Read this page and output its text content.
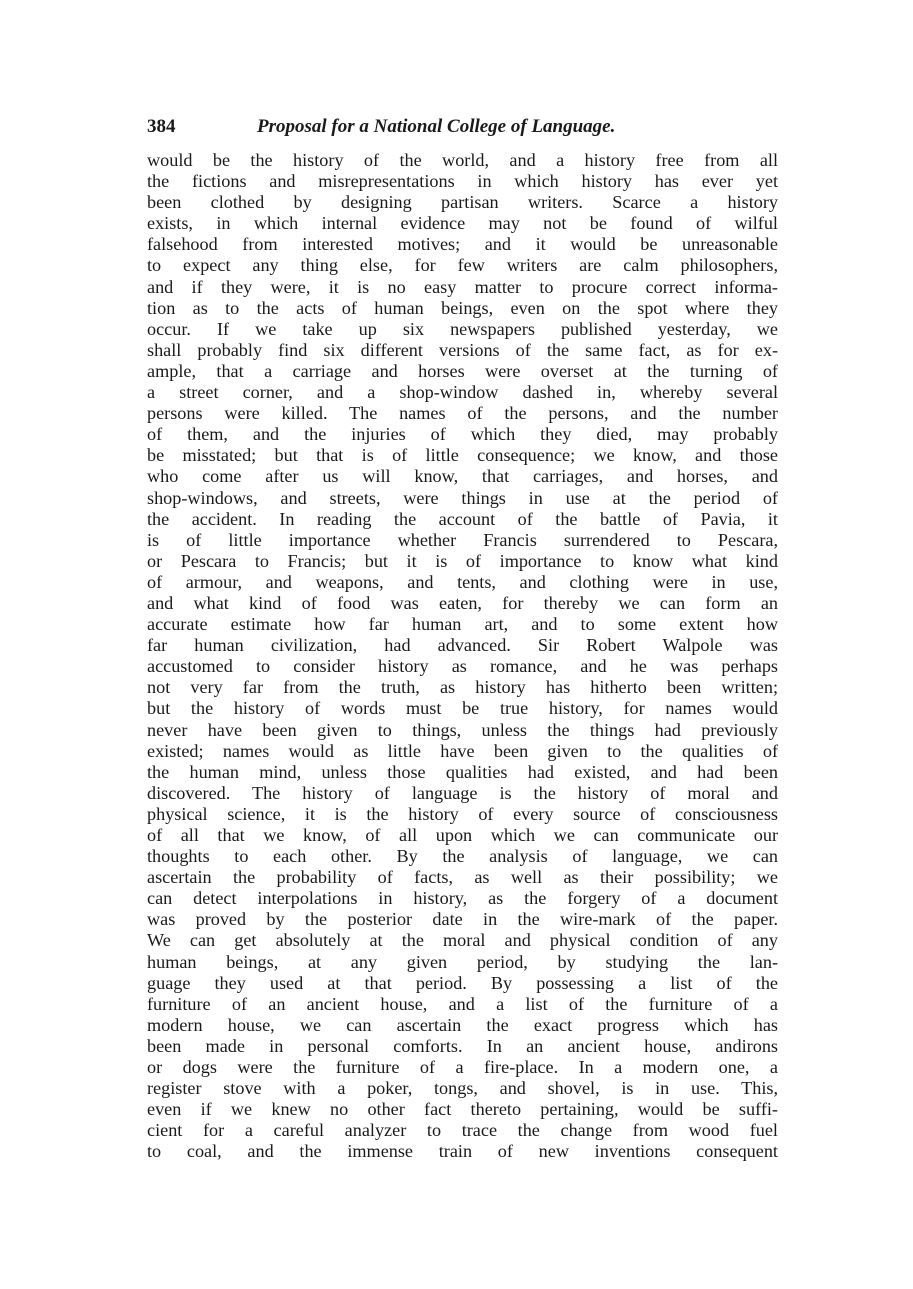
384	Proposal for a National College of Language.
would be the history of the world, and a history free from all
the fictions and misrepresentations in which history has ever yet
been clothed by designing partisan writers. Scarce a history
exists, in which internal evidence may not be found of wilful
falsehood from interested motives; and it would be unreasonable
to expect any thing else, for few writers are calm philosophers,
and if they were, it is no easy matter to procure correct informa-
tion as to the acts of human beings, even on the spot where they
occur. If we take up six newspapers published yesterday, we
shall probably find six different versions of the same fact, as for ex-
ample, that a carriage and horses were overset at the turning of
a street corner, and a shop-window dashed in, whereby several
persons were killed. The names of the persons, and the number
of them, and the injuries of which they died, may probably
be misstated; but that is of little consequence; we know, and those
who come after us will know, that carriages, and horses, and
shop-windows, and streets, were things in use at the period of
the accident. In reading the account of the battle of Pavia, it
is of little importance whether Francis surrendered to Pescara,
or Pescara to Francis; but it is of importance to know what kind
of armour, and weapons, and tents, and clothing were in use,
and what kind of food was eaten, for thereby we can form an
accurate estimate how far human art, and to some extent how
far human civilization, had advanced. Sir Robert Walpole was
accustomed to consider history as romance, and he was perhaps
not very far from the truth, as history has hitherto been written;
but the history of words must be true history, for names would
never have been given to things, unless the things had previously
existed; names would as little have been given to the qualities of
the human mind, unless those qualities had existed, and had been
discovered. The history of language is the history of moral and
physical science, it is the history of every source of consciousness
of all that we know, of all upon which we can communicate our
thoughts to each other. By the analysis of language, we can
ascertain the probability of facts, as well as their possibility; we
can detect interpolations in history, as the forgery of a document
was proved by the posterior date in the wire-mark of the paper.
We can get absolutely at the moral and physical condition of any
human beings, at any given period, by studying the lan-
guage they used at that period. By possessing a list of the
furniture of an ancient house, and a list of the furniture of a
modern house, we can ascertain the exact progress which has
been made in personal comforts. In an ancient house, andirons
or dogs were the furniture of a fire-place. In a modern one, a
register stove with a poker, tongs, and shovel, is in use. This,
even if we knew no other fact thereto pertaining, would be suffi-
cient for a careful analyzer to trace the change from wood fuel
to coal, and the immense train of new inventions consequent
